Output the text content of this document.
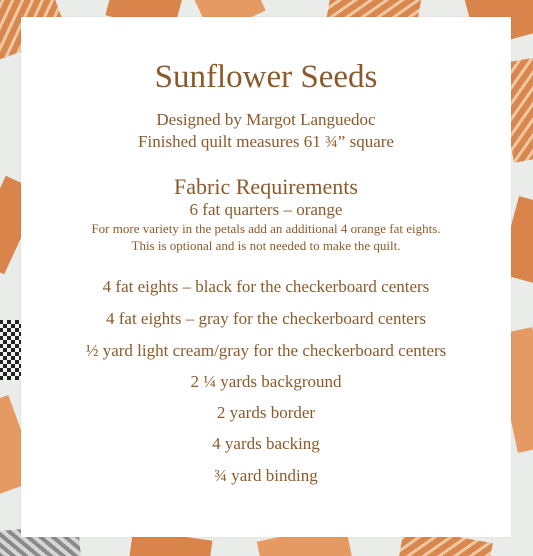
Sunflower Seeds
Designed by Margot Languedoc
Finished quilt measures 61 ¾” square
Fabric Requirements
6 fat quarters – orange
For more variety in the petals add an additional 4 orange fat eights.
This is optional and is not needed to make the quilt.
4 fat eights – black for the checkerboard centers
4 fat eights – gray for the checkerboard centers
½ yard light cream/gray for the checkerboard centers
2 ¼ yards background
2 yards border
4 yards backing
¾ yard binding
